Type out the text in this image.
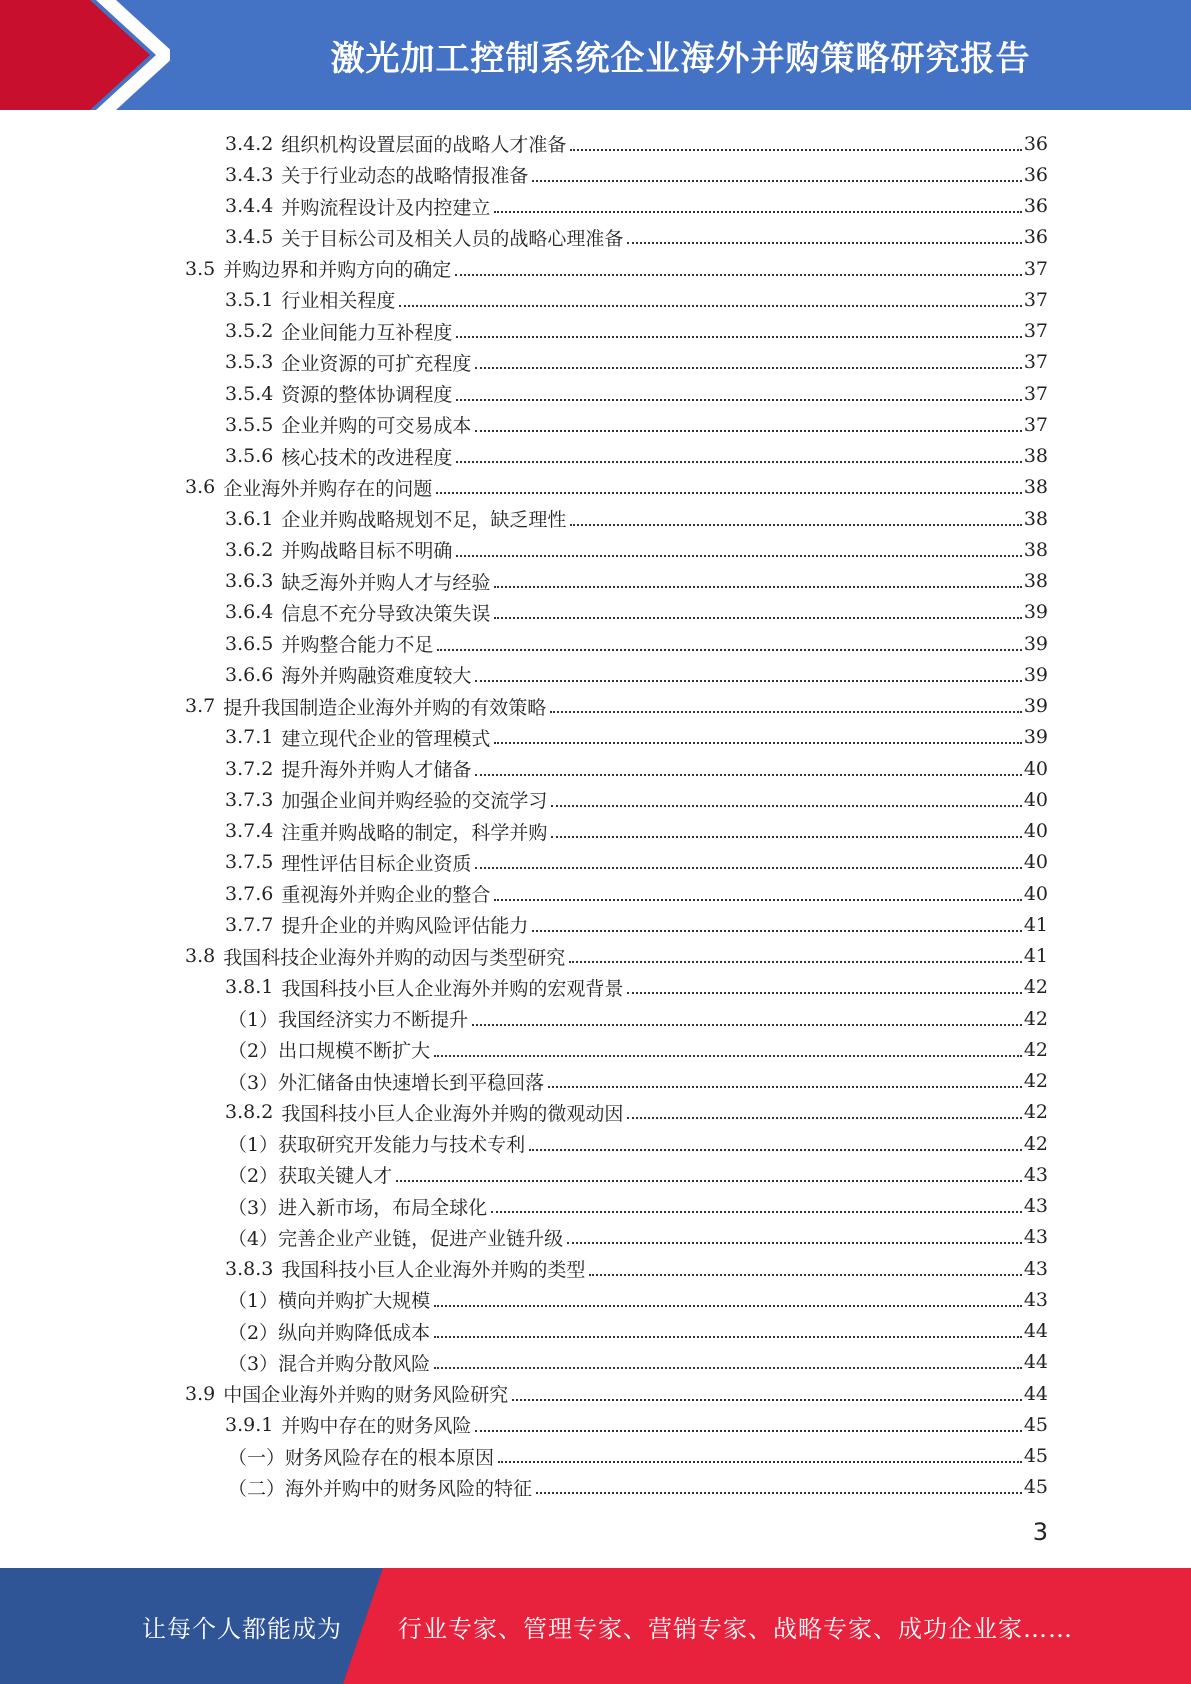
激光加工控制系统企业海外并购策略研究报告
3.4.2 组织机构设置层面的战略人才准备	36
3.4.3 关于行业动态的战略情报准备	36
3.4.4 并购流程设计及内控建立	36
3.4.5 关于目标公司及相关人员的战略心理准备	36
3.5 并购边界和并购方向的确定	37
3.5.1 行业相关程度	37
3.5.2 企业间能力互补程度	37
3.5.3 企业资源的可扩充程度	37
3.5.4 资源的整体协调程度	37
3.5.5 企业并购的可交易成本	37
3.5.6 核心技术的改进程度	38
3.6 企业海外并购存在的问题	38
3.6.1 企业并购战略规划不足，缺乏理性	38
3.6.2 并购战略目标不明确	38
3.6.3 缺乏海外并购人才与经验	38
3.6.4 信息不充分导致决策失误	39
3.6.5 并购整合能力不足	39
3.6.6 海外并购融资难度较大	39
3.7 提升我国制造企业海外并购的有效策略	39
3.7.1 建立现代企业的管理模式	39
3.7.2 提升海外并购人才储备	40
3.7.3 加强企业间并购经验的交流学习	40
3.7.4 注重并购战略的制定，科学并购	40
3.7.5 理性评估目标企业资质	40
3.7.6 重视海外并购企业的整合	40
3.7.7 提升企业的并购风险评估能力	41
3.8 我国科技企业海外并购的动因与类型研究	41
3.8.1 我国科技小巨人企业海外并购的宏观背景	42
（1） 我国经济实力不断提升	42
（2） 出口规模不断扩大	42
（3） 外汇储备由快速增长到平稳回落	42
3.8.2 我国科技小巨人企业海外并购的微观动因	42
（1） 获取研究开发能力与技术专利	42
（2） 获取关键人才	43
（3） 进入新市场，布局全球化	43
（4） 完善企业产业链，促进产业链升级	43
3.8.3 我国科技小巨人企业海外并购的类型	43
（1） 横向并购扩大规模	43
（2） 纵向并购降低成本	44
（3） 混合并购分散风险	44
3.9 中国企业海外并购的财务风险研究	44
3.9.1 并购中存在的财务风险	45
（一） 财务风险存在的根本原因	45
（二） 海外并购中的财务风险的特征	45
3
让每个人都能成为 行业专家、管理专家、营销专家、战略专家、成功企业家……
